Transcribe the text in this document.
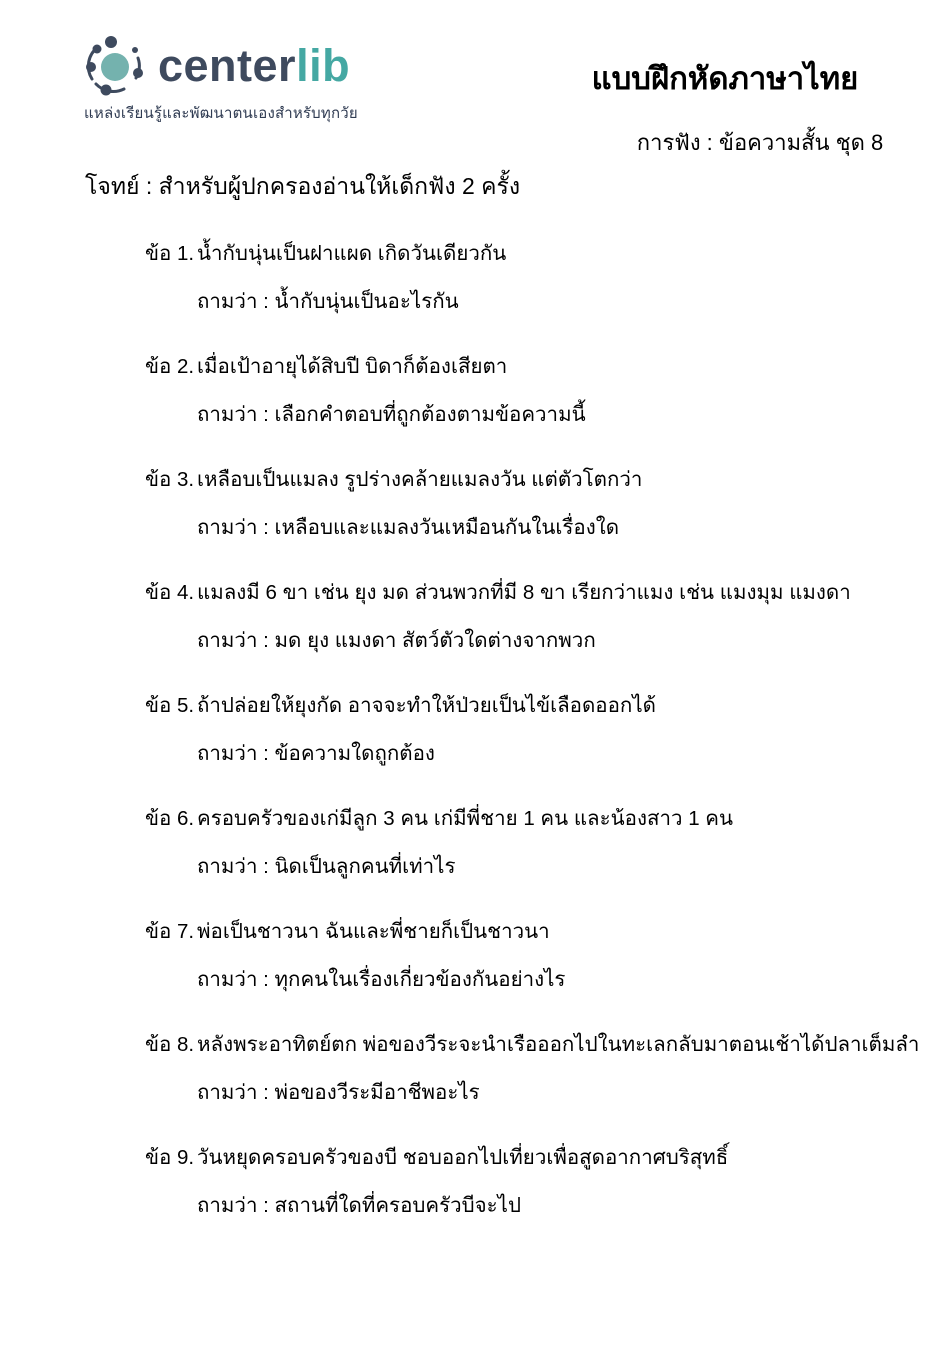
centerlib
แหล่งเรียนรู้และพัฒนาตนเองสำหรับทุกวัย
แบบฝึกหัดภาษาไทย
การฟัง : ข้อความสั้น ชุด 8
โจทย์ : สำหรับผู้ปกครองอ่านให้เด็กฟัง 2 ครั้ง
ข้อ 1. น้ำกับนุ่นเป็นฝาแผด เกิดวันเดียวกัน
ถามว่า : น้ำกับนุ่นเป็นอะไรกัน
ข้อ 2. เมื่อเป้าอายุได้สิบปี บิดาก็ต้องเสียตา
ถามว่า : เลือกคำตอบที่ถูกต้องตามข้อความนี้
ข้อ 3. เหลือบเป็นแมลง รูปร่างคล้ายแมลงวัน แต่ตัวโตกว่า
ถามว่า : เหลือบและแมลงวันเหมือนกันในเรื่องใด
ข้อ 4. แมลงมี 6 ขา เช่น ยุง มด ส่วนพวกที่มี 8 ขา เรียกว่าแมง เช่น แมงมุม แมงดา
ถามว่า : มด ยุง แมงดา สัตว์ตัวใดต่างจากพวก
ข้อ 5. ถ้าปล่อยให้ยุงกัด อาจจะทำให้ป่วยเป็นไข้เลือดออกได้
ถามว่า : ข้อความใดถูกต้อง
ข้อ 6. ครอบครัวของเก่มีลูก 3 คน เก่มีพี่ชาย 1 คน และน้องสาว 1 คน
ถามว่า : นิดเป็นลูกคนที่เท่าไร
ข้อ 7. พ่อเป็นชาวนา ฉันและพี่ชายก็เป็นชาวนา
ถามว่า : ทุกคนในเรื่องเกี่ยวข้องกันอย่างไร
ข้อ 8. หลังพระอาทิตย์ตก พ่อของวีระจะนำเรือออกไปในทะเลกลับมาตอนเช้าได้ปลาเต็มลำ
ถามว่า : พ่อของวีระมีอาชีพอะไร
ข้อ 9. วันหยุดครอบครัวของบี ชอบออกไปเที่ยวเพื่อสูดอากาศบริสุทธิ์
ถามว่า : สถานที่ใดที่ครอบครัวบีจะไป
